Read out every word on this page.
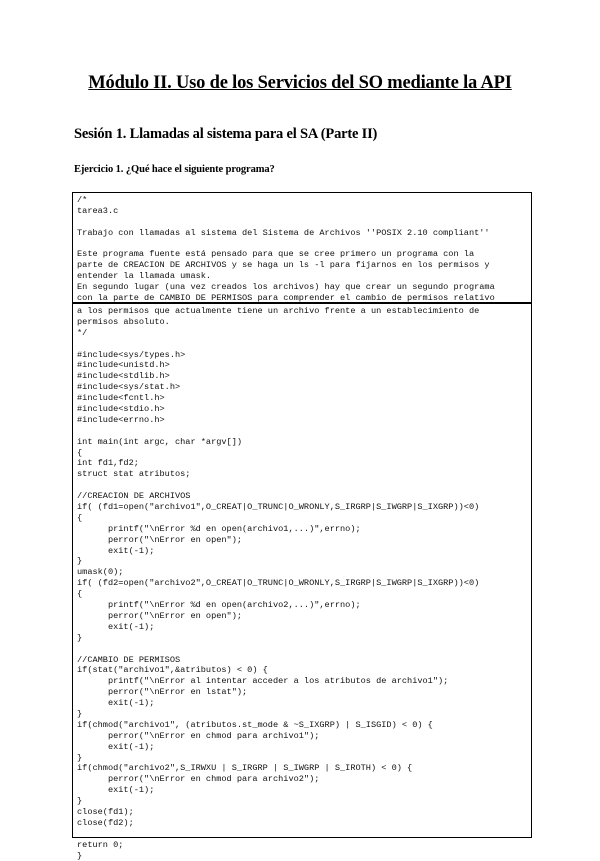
Módulo II. Uso de los Servicios del SO mediante la API
Sesión 1. Llamadas al sistema para el SA (Parte II)
Ejercicio 1. ¿Qué hace el siguiente programa?
/*
tarea3.c

Trabajo con llamadas al sistema del Sistema de Archivos ''POSIX 2.10 compliant''

Este programa fuente está pensado para que se cree primero un programa con la
parte de CREACION DE ARCHIVOS y se haga un ls -l para fijarnos en los permisos y
entender la llamada umask.
En segundo lugar (una vez creados los archivos) hay que crear un segundo programa
con la parte de CAMBIO DE PERMISOS para comprender el cambio de permisos relativo
a los permisos que actualmente tiene un archivo frente a un establecimiento de
permisos absoluto.
*/

#include<sys/types.h>
#include<unistd.h>
#include<stdlib.h>
#include<sys/stat.h>
#include<fcntl.h>
#include<stdio.h>
#include<errno.h>

int main(int argc, char *argv[])
{
int fd1,fd2;
struct stat atributos;

//CREACION DE ARCHIVOS
if( (fd1=open("archivo1",O_CREAT|O_TRUNC|O_WRONLY,S_IRGRP|S_IWGRP|S_IXGRP))<0)
{
printf("\nError %d en open(archivo1,...)",errno);
perror("\nError en open");
exit(-1);
}
umask(0);
if( (fd2=open("archivo2",O_CREAT|O_TRUNC|O_WRONLY,S_IRGRP|S_IWGRP|S_IXGRP))<0)
{
printf("\nError %d en open(archivo2,...)",errno);
perror("\nError en open");
exit(-1);
}

//CAMBIO DE PERMISOS
if(stat("archivo1",&atributos) < 0) {
printf("\nError al intentar acceder a los atributos de archivo1");
perror("\nError en lstat");
exit(-1);
}
if(chmod("archivo1", (atributos.st_mode & ~S_IXGRP) | S_ISGID) < 0) {
perror("\nError en chmod para archivo1");
exit(-1);
}
if(chmod("archivo2",S_IRWXU | S_IRGRP | S_IWGRP | S_IROTH) < 0) {
perror("\nError en chmod para archivo2");
exit(-1);
}
close(fd1);
close(fd2);

return 0;
}
